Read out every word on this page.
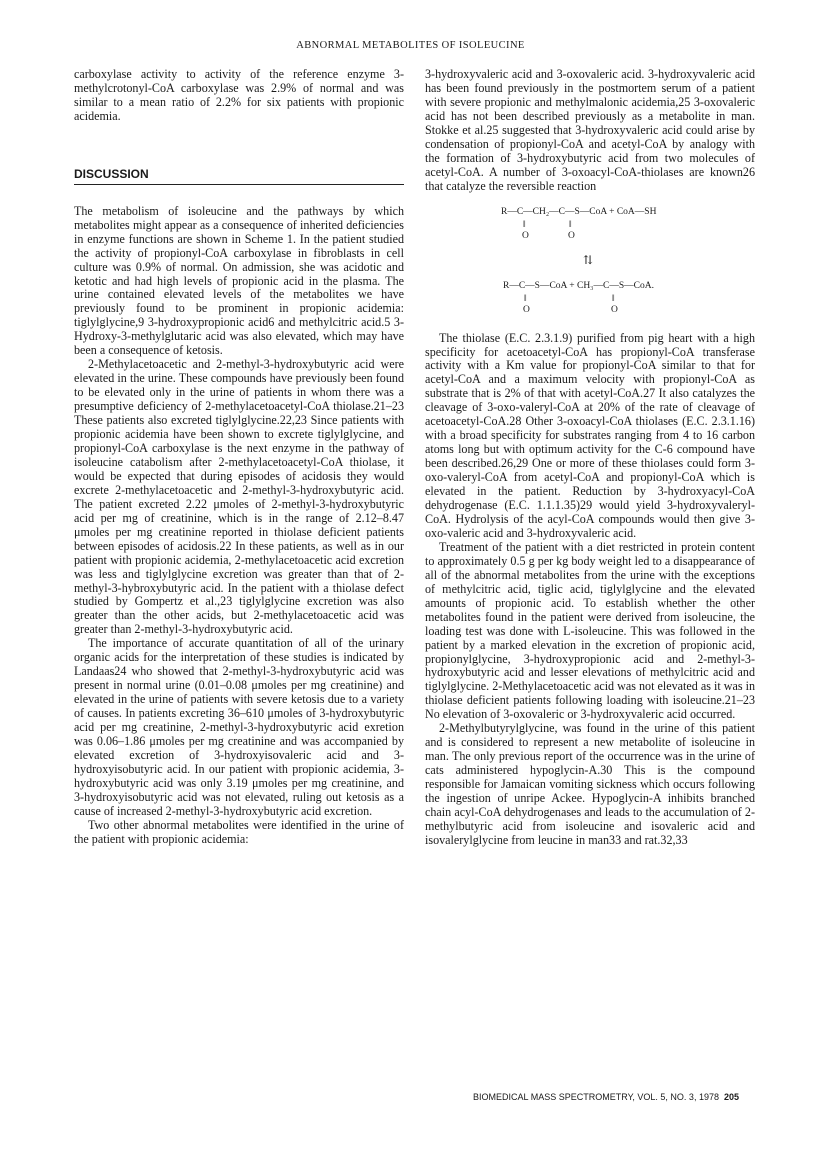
ABNORMAL METABOLITES OF ISOLEUCINE

carboxylase activity to activity of the reference enzyme 3-methylcrotonyl-CoA carboxylase was 2.9% of normal and was similar to a mean ratio of 2.2% for six patients with propionic acidemia.

DISCUSSION

The metabolism of isoleucine and the pathways by which metabolites might appear as a consequence of inherited deficiencies in enzyme functions are shown in Scheme 1. In the patient studied the activity of propionyl-CoA carboxylase in fibroblasts in cell culture was 0.9% of normal. On admission, she was acidotic and ketotic and had high levels of propionic acid in the plasma. The urine contained elevated levels of the metabolites we have previously found to be prominent in propionic acidemia: tiglylglycine,9 3-hydroxypropionic acid6 and methylcitric acid.5 3-Hydroxy-3-methylglutaric acid was also elevated, which may have been a consequence of ketosis.

2-Methylacetoacetic and 2-methyl-3-hydroxybutyric acid were elevated in the urine. These compounds have previously been found to be elevated only in the urine of patients in whom there was a presumptive deficiency of 2-methylacetoacetyl-CoA thiolase.21–23 These patients also excreted tiglylglycine.22,23 Since patients with propionic acidemia have been shown to excrete tiglylglycine, and propionyl-CoA carboxylase is the next enzyme in the pathway of isoleucine catabolism after 2-methylacetoacetyl-CoA thiolase, it would be expected that during episodes of acidosis they would excrete 2-methylacetoacetic and 2-methyl-3-hydroxybutyric acid. The patient excreted 2.22 μmoles of 2-methyl-3-hydroxybutyric acid per mg of creatinine, which is in the range of 2.12–8.47 μmoles per mg creatinine reported in thiolase deficient patients between episodes of acidosis.22 In these patients, as well as in our patient with propionic acidemia, 2-methylacetoacetic acid excretion was less and tiglylglycine excretion was greater than that of 2-methyl-3-hybroxybutyric acid. In the patient with a thiolase defect studied by Gompertz et al.,23 tiglylglycine excretion was also greater than the other acids, but 2-methylacetoacetic acid was greater than 2-methyl-3-hydroxybutyric acid.

The importance of accurate quantitation of all of the urinary organic acids for the interpretation of these studies is indicated by Landaas24 who showed that 2-methyl-3-hydroxybutyric acid was present in normal urine (0.01–0.08 μmoles per mg creatinine) and elevated in the urine of patients with severe ketosis due to a variety of causes. In patients excreting 36–610 μmoles of 3-hydroxybutyric acid per mg creatinine, 2-methyl-3-hydroxybutyric acid exretion was 0.06–1.86 μmoles per mg creatinine and was accompanied by elevated excretion of 3-hydroxyisovaleric acid and 3-hydroxyisobutyric acid. In our patient with propionic acidemia, 3-hydroxybutyric acid was only 3.19 μmoles per mg creatinine, and 3-hydroxyisobutyric acid was not elevated, ruling out ketosis as a cause of increased 2-methyl-3-hydroxybutyric acid excretion.

Two other abnormal metabolites were identified in the urine of the patient with propionic acidemia:

3-hydroxyvaleric acid and 3-oxovaleric acid. 3-hydroxyvaleric acid has been found previously in the postmortem serum of a patient with severe propionic and methylmalonic acidemia,25 3-oxovaleric acid has not been described previously as a metabolite in man. Stokke et al.25 suggested that 3-hydroxyvaleric acid could arise by condensation of propionyl-CoA and acetyl-CoA by analogy with the formation of 3-hydroxybutyric acid from two molecules of acetyl-CoA. A number of 3-oxoacyl-CoA-thiolases are known26 that catalyze the reversible reaction

R—C—CH₂—C—S—CoA + CoA—SH
‖	‖
O	O
⇅
R—C—S—CoA + CH₃—C—S—CoA.
‖	‖
O	O

The thiolase (E.C. 2.3.1.9) purified from pig heart with a high specificity for acetoacetyl-CoA has propionyl-CoA transferase activity with a Km value for propionyl-CoA similar to that for acetyl-CoA and a maximum velocity with propionyl-CoA as substrate that is 2% of that with acetyl-CoA.27 It also catalyzes the cleavage of 3-oxo-valeryl-CoA at 20% of the rate of cleavage of acetoacetyl-CoA.28 Other 3-oxoacyl-CoA thiolases (E.C. 2.3.1.16) with a broad specificity for substrates ranging from 4 to 16 carbon atoms long but with optimum activity for the C-6 compound have been described.26,29 One or more of these thiolases could form 3-oxo-valeryl-CoA from acetyl-CoA and propionyl-CoA which is elevated in the patient. Reduction by 3-hydroxyacyl-CoA dehydrogenase (E.C. 1.1.1.35)29 would yield 3-hydroxyvaleryl-CoA. Hydrolysis of the acyl-CoA compounds would then give 3-oxo-valeric acid and 3-hydroxyvaleric acid.

Treatment of the patient with a diet restricted in protein content to approximately 0.5 g per kg body weight led to a disappearance of all of the abnormal metabolites from the urine with the exceptions of methylcitric acid, tiglic acid, tiglylglycine and the elevated amounts of propionic acid. To establish whether the other metabolites found in the patient were derived from isoleucine, the loading test was done with L-isoleucine. This was followed in the patient by a marked elevation in the excretion of propionic acid, propionylglycine, 3-hydroxypropionic acid and 2-methyl-3-hydroxybutyric acid and lesser elevations of methylcitric acid and tiglylglycine. 2-Methylacetoacetic acid was not elevated as it was in thiolase deficient patients following loading with isoleucine.21–23 No elevation of 3-oxovaleric or 3-hydroxyvaleric acid occurred.

2-Methylbutyrylglycine, was found in the urine of this patient and is considered to represent a new metabolite of isoleucine in man. The only previous report of the occurrence was in the urine of cats administered hypoglycin-A.30 This is the compound responsible for Jamaican vomiting sickness which occurs following the ingestion of unripe Ackee. Hypoglycin-A inhibits branched chain acyl-CoA dehydrogenases and leads to the accumulation of 2-methylbutyric acid from isoleucine and isovaleric acid and isovalerylglycine from leucine in man33 and rat.32,33

BIOMEDICAL MASS SPECTROMETRY, VOL. 5, NO. 3, 1978 205
